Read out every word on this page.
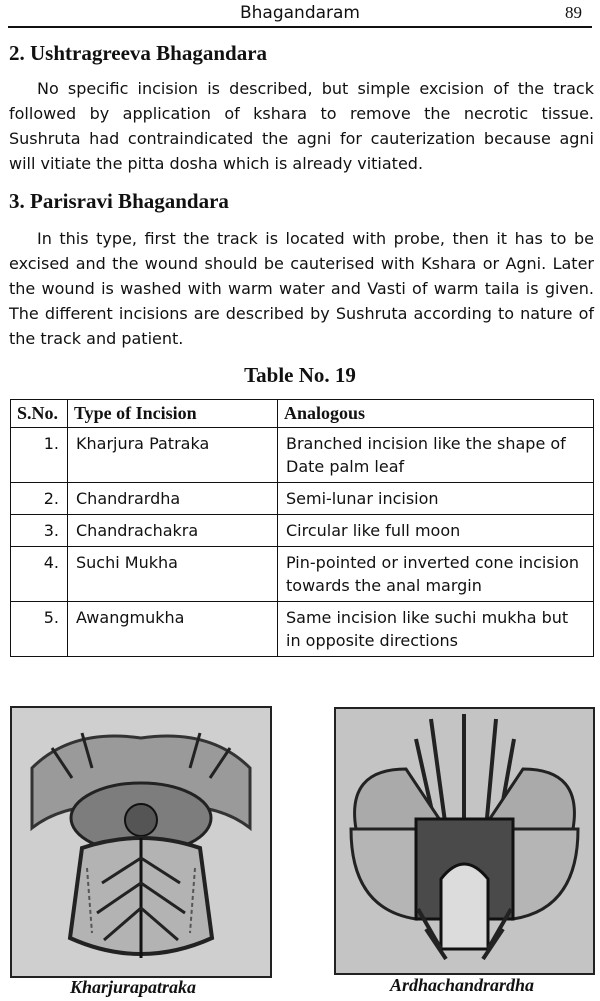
Bhagandaram	89
2. Ushtragreeva Bhagandara

No specific incision is described, but simple excision of the track followed by application of kshara to remove the necrotic tissue. Sushruta had contraindicated the agni for cauterization because agni will vitiate the pitta dosha which is already vitiated.

3. Parisravi Bhagandara

In this type, first the track is located with probe, then it has to be excised and the wound should be cauterised with Kshara or Agni. Later the wound is washed with warm water and Vasti of warm taila is given. The different incisions are described by Sushruta according to nature of the track and patient.

Table No. 19
S.No.	Type of Incision	Analogous
1.	Kharjura Patraka	Branched incision like the shape of Date palm leaf
2.	Chandrardha	Semi-lunar incision
3.	Chandrachakra	Circular like full moon
4.	Suchi Mukha	Pin-pointed or inverted cone incision towards the anal margin
5.	Awangmukha	Same incision like suchi mukha but in opposite directions
Kharjurapatraka	Ardhachandrardha
